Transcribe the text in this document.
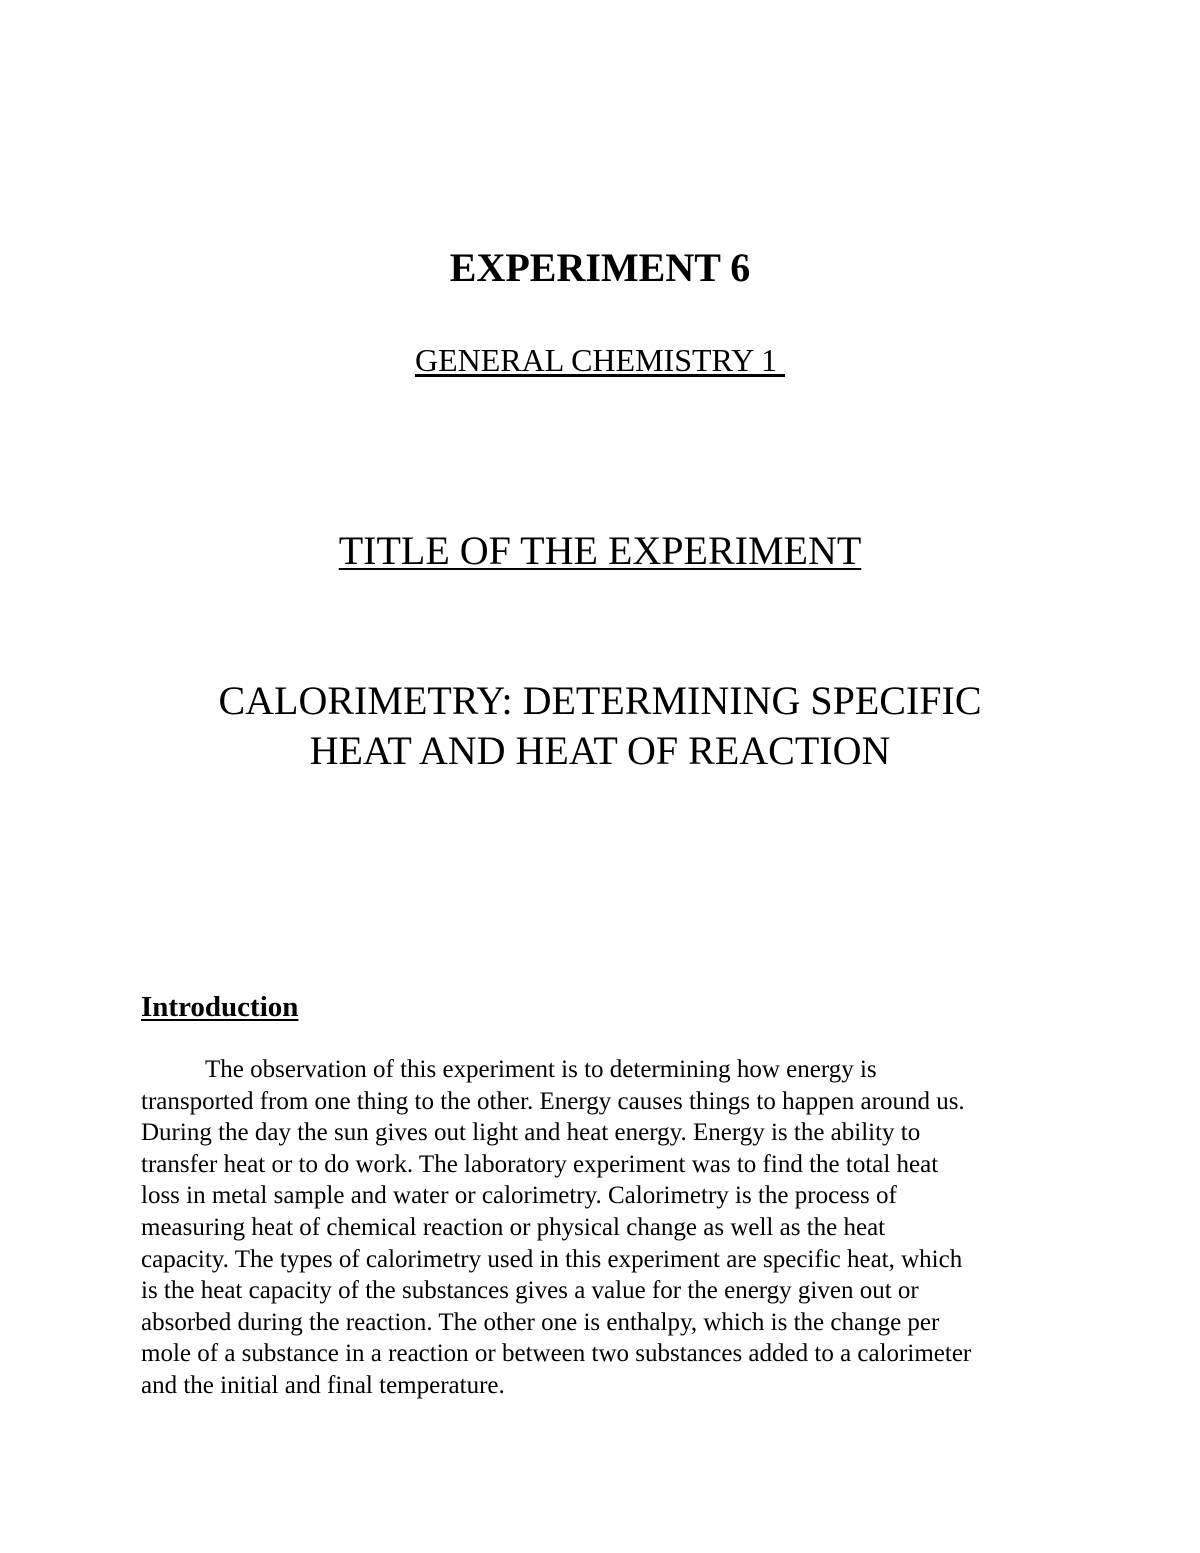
EXPERIMENT 6
GENERAL CHEMISTRY 1
TITLE OF THE EXPERIMENT
CALORIMETRY: DETERMINING SPECIFIC
HEAT AND HEAT OF REACTION
Introduction
The observation of this experiment is to determining how energy is
transported from one thing to the other. Energy causes things to happen around us.
During the day the sun gives out light and heat energy. Energy is the ability to
transfer heat or to do work. The laboratory experiment was to find the total heat
loss in metal sample and water or calorimetry. Calorimetry is the process of
measuring heat of chemical reaction or physical change as well as the heat
capacity. The types of calorimetry used in this experiment are specific heat, which
is the heat capacity of the substances gives a value for the energy given out or
absorbed during the reaction. The other one is enthalpy, which is the change per
mole of a substance in a reaction or between two substances added to a calorimeter
and the initial and final temperature.
